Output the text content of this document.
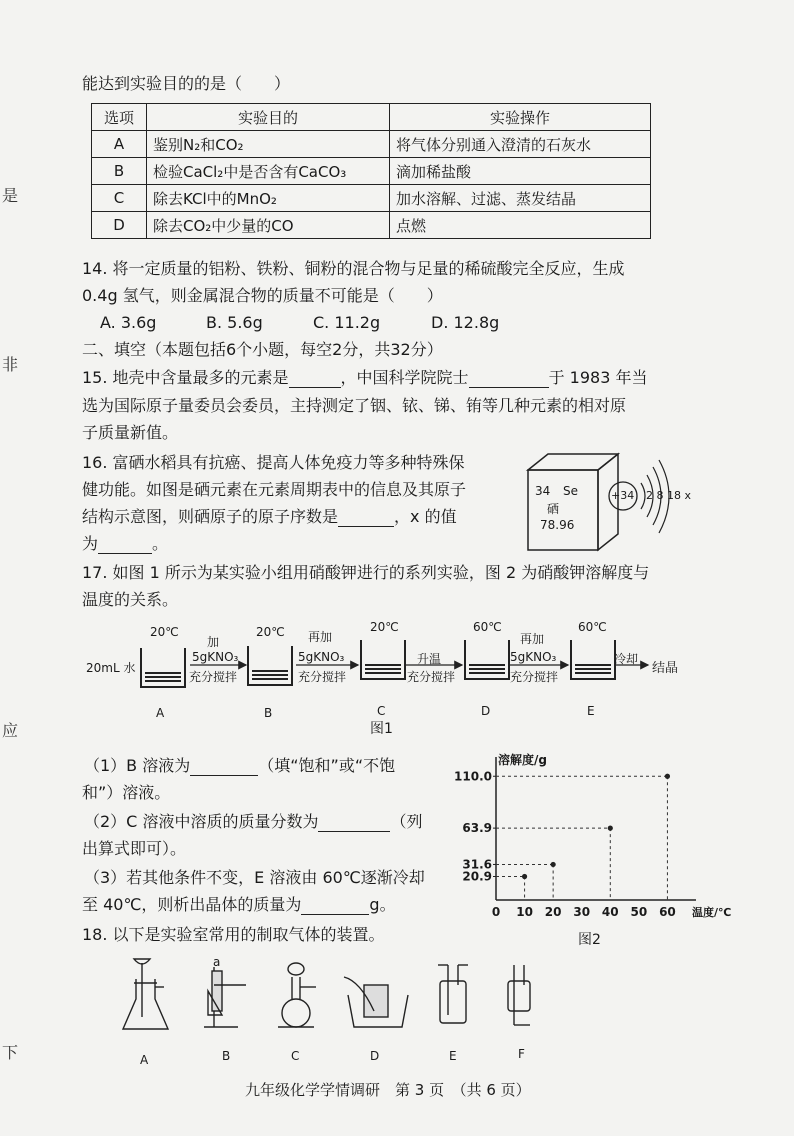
是
非
应
下
能达到实验目的的是（　　）
选项	实验目的	实验操作
A	鉴别N₂和CO₂	将气体分别通入澄清的石灰水
B	检验CaCl₂中是否含有CaCO₃	滴加稀盐酸
C	除去KCl中的MnO₂	加水溶解、过滤、蒸发结晶
D	除去CO₂中少量的CO	点燃
14. 将一定质量的铝粉、铁粉、铜粉的混合物与足量的稀硫酸完全反应，生成
0.4g 氢气，则金属混合物的质量不可能是（　　）
A. 3.6g	B. 5.6g	C. 11.2g	D. 12.8g
二、填空（本题包括6个小题，每空2分，共32分）
15. 地壳中含量最多的元素是	，中国科学院院士	于 1983 年当
选为国际原子量委员会委员，主持测定了铟、铱、锑、铕等几种元素的相对原
子质量新值。
16. 富硒水稻具有抗癌、提高人体免疫力等多种特殊保
健功能。如图是硒元素在元素周期表中的信息及其原子
结构示意图，则硒原子的原子序数是	，x 的值
为	。
34 Se
硒
78.96
+34 2 8 18 x
17. 如图 1 所示为某实验小组用硝酸钾进行的系列实验，图 2 为硝酸钾溶解度与
温度的关系。
20℃	20℃	20℃	60℃	60℃
20mL 水
加
5gKNO₃
充分搅拌
再加
5gKNO₃
充分搅拌
升温
充分搅拌
再加
5gKNO₃
充分搅拌
冷却
结晶
A	B	C	D	E
图1
（1）B 溶液为	（填“饱和”或“不饱
和”）溶液。
（2）C 溶液中溶质的质量分数为	（列
出算式即可）。
（3）若其他条件不变，E 溶液由 60℃逐渐冷却
至 40℃，则析出晶体的质量为	g。
溶解度/g
温度/℃
0 10 20 30 40 50 60
20.9
31.6
63.9
110.0
图2
18. 以下是实验室常用的制取气体的装置。
a
A	B	C	D	E	F
九年级化学学情调研　第 3 页　（共 6 页）
